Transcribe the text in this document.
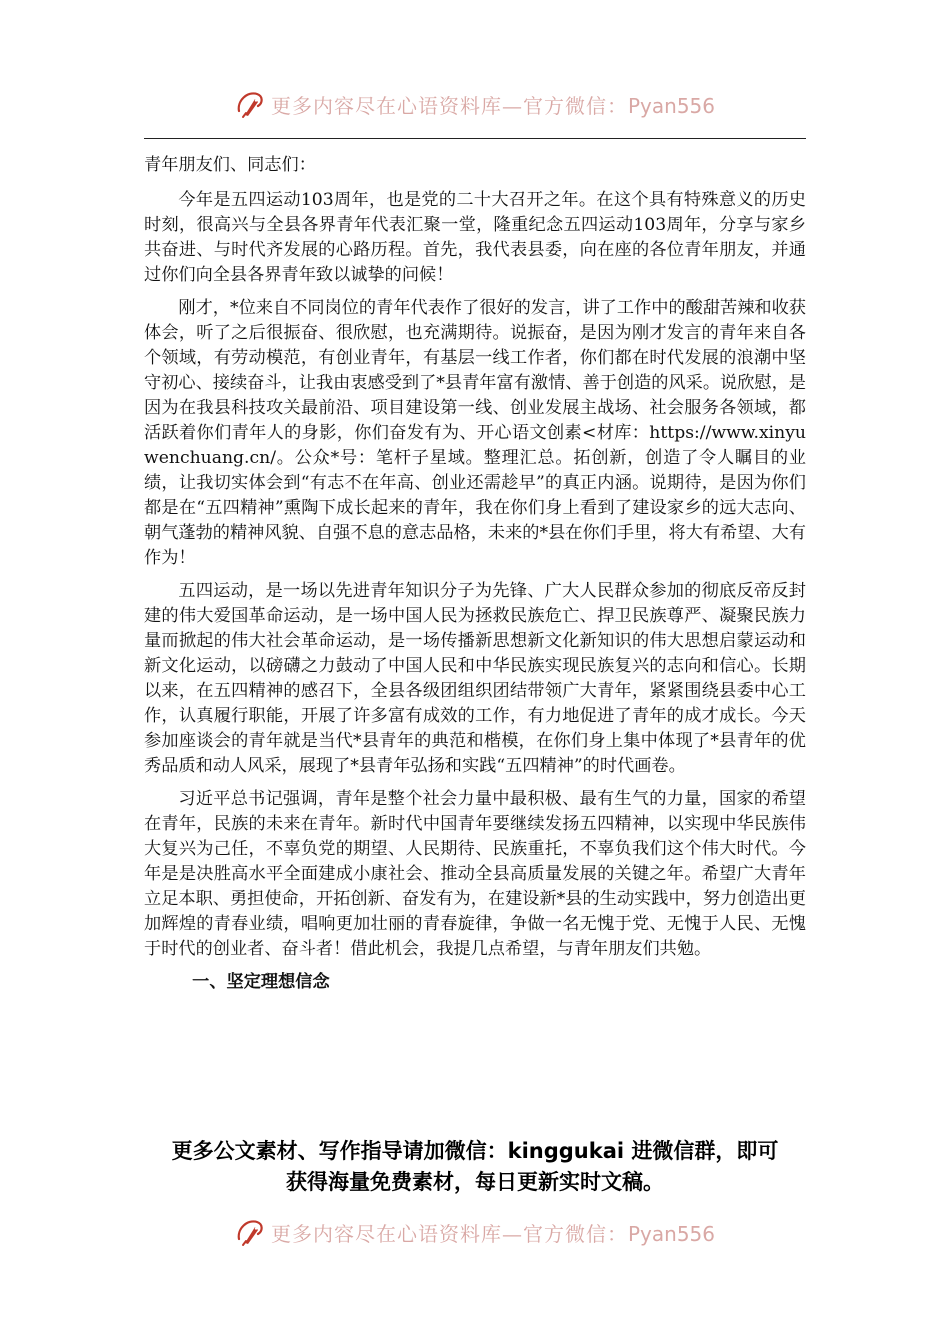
更多内容尽在心语资料库—官方微信：Pyan556

青年朋友们、同志们：

今年是五四运动103周年，也是党的二十大召开之年。在这个具有特殊意义的历史时刻，很高兴与全县各界青年代表汇聚一堂，隆重纪念五四运动103周年，分享与家乡共奋进、与时代齐发展的心路历程。首先，我代表县委，向在座的各位青年朋友，并通过你们向全县各界青年致以诚挚的问候！

刚才，*位来自不同岗位的青年代表作了很好的发言，讲了工作中的酸甜苦辣和收获体会，听了之后很振奋、很欣慰，也充满期待。说振奋，是因为刚才发言的青年来自各个领域，有劳动模范，有创业青年，有基层一线工作者，你们都在时代发展的浪潮中坚守初心、接续奋斗，让我由衷感受到了*县青年富有激情、善于创造的风采。说欣慰，是因为在我县科技攻关最前沿、项目建设第一线、创业发展主战场、社会服务各领域，都活跃着你们青年人的身影，你们奋发有为、开心语文创素<材库：https://www.xinyuwenchuang.cn/。公众*号：笔杆子星域。整理汇总。拓创新，创造了令人瞩目的业绩，让我切实体会到“有志不在年高、创业还需趁早”的真正内涵。说期待，是因为你们都是在“五四精神”熏陶下成长起来的青年，我在你们身上看到了建设家乡的远大志向、朝气蓬勃的精神风貌、自强不息的意志品格，未来的*县在你们手里，将大有希望、大有作为！

五四运动，是一场以先进青年知识分子为先锋、广大人民群众参加的彻底反帝反封建的伟大爱国革命运动，是一场中国人民为拯救民族危亡、捍卫民族尊严、凝聚民族力量而掀起的伟大社会革命运动，是一场传播新思想新文化新知识的伟大思想启蒙运动和新文化运动，以磅礴之力鼓动了中国人民和中华民族实现民族复兴的志向和信心。长期以来，在五四精神的感召下，全县各级团组织团结带领广大青年，紧紧围绕县委中心工作，认真履行职能，开展了许多富有成效的工作，有力地促进了青年的成才成长。今天参加座谈会的青年就是当代*县青年的典范和楷模，在你们身上集中体现了*县青年的优秀品质和动人风采，展现了*县青年弘扬和实践“五四精神”的时代画卷。

习近平总书记强调，青年是整个社会力量中最积极、最有生气的力量，国家的希望在青年，民族的未来在青年。新时代中国青年要继续发扬五四精神，以实现中华民族伟大复兴为己任，不辜负党的期望、人民期待、民族重托，不辜负我们这个伟大时代。今年是是决胜高水平全面建成小康社会、推动全县高质量发展的关键之年。希望广大青年立足本职、勇担使命，开拓创新、奋发有为，在建设新*县的生动实践中，努力创造出更加辉煌的青春业绩，唱响更加壮丽的青春旋律，争做一名无愧于党、无愧于人民、无愧于时代的创业者、奋斗者！借此机会，我提几点希望，与青年朋友们共勉。

一、坚定理想信念
更多公文素材、写作指导请加微信：kinggukai 进微信群，即可
获得海量免费素材，每日更新实时文稿。
更多内容尽在心语资料库—官方微信：Pyan556
